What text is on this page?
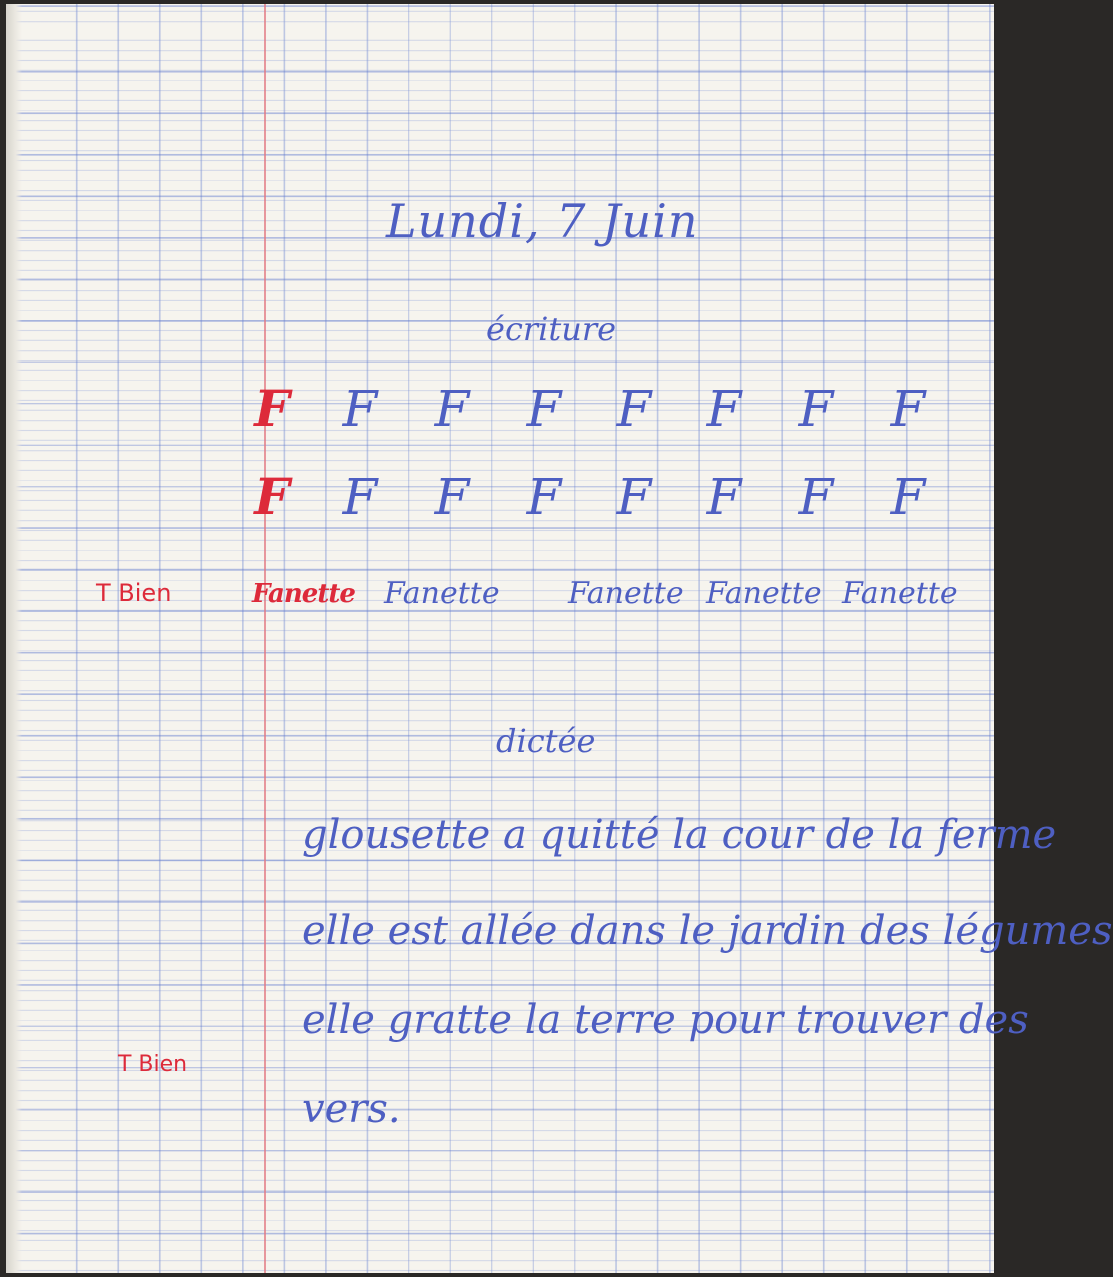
Lundi, 7 Juin
écriture
F F F F F F F F
F F F F F F F F
T Bien	Fanette Fanette Fanette Fanette Fanette
dictée
glousette a quitté la cour de la ferme
elle est allée dans le jardin des légumes
elle gratte la terre pour trouver des
vers.
T Bien
